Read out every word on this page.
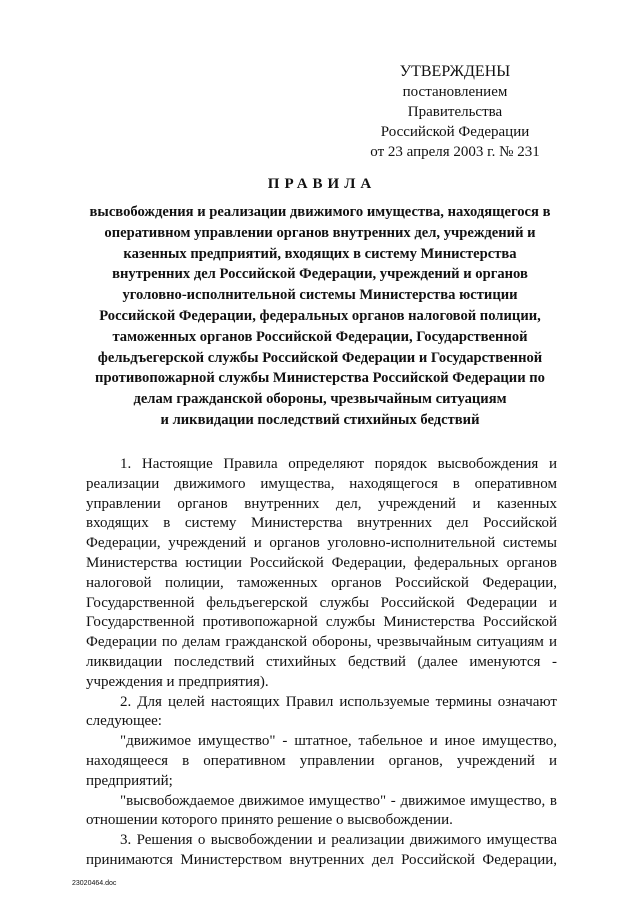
УТВЕРЖДЕНЫ
постановлением Правительства
Российской Федерации
от 23 апреля 2003 г. № 231
ПРАВИЛА
высвобождения и реализации движимого имущества, находящегося в
оперативном управлении органов внутренних дел, учреждений и
казенных предприятий, входящих в систему Министерства
внутренних дел Российской Федерации, учреждений и органов
уголовно-исполнительной системы Министерства юстиции
Российской Федерации, федеральных органов налоговой полиции,
таможенных органов Российской Федерации, Государственной
фельдъегерской службы Российской Федерации и Государственной
противопожарной службы Министерства Российской Федерации по
делам гражданской обороны, чрезвычайным ситуациям
и ликвидации последствий стихийных бедствий
1. Настоящие Правила определяют порядок высвобождения и
реализации движимого имущества, находящегося в оперативном
управлении органов внутренних дел, учреждений и казенных
входящих в систему Министерства внутренних дел Российской
Федерации, учреждений и органов уголовно-исполнительной системы
Министерства юстиции Российской Федерации, федеральных органов
налоговой полиции, таможенных органов Российской Федерации,
Государственной фельдъегерской службы Российской Федерации и
Государственной противопожарной службы Министерства Российской
Федерации по делам гражданской обороны, чрезвычайным ситуациям и
ликвидации последствий стихийных бедствий (далее именуются -
учреждения и предприятия).
2. Для целей настоящих Правил используемые термины означают
следующее:
"движимое имущество" - штатное, табельное и иное имущество,
находящееся в оперативном управлении органов, учреждений и
предприятий;
"высвобождаемое движимое имущество" - движимое имущество, в
отношении которого принято решение о высвобождении.
3. Решения о высвобождении и реализации движимого имущества
принимаются Министерством внутренних дел Российской Федерации,
23020464.doc
